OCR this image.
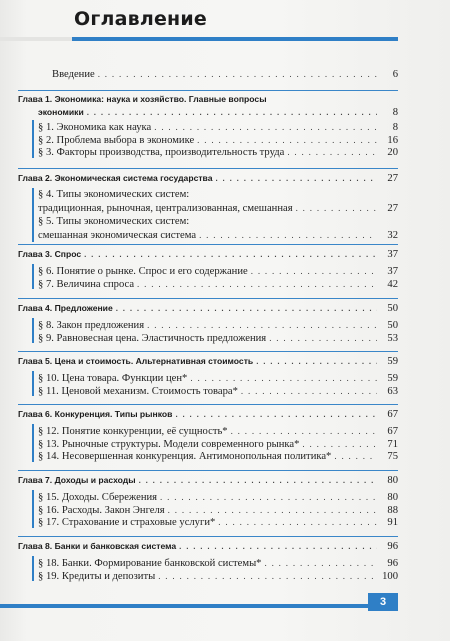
Оглавление
Введение . . .	6
Глава 1. Экономика: наука и хозяйство. Главные вопросы
экономики . . .	8
§ 1. Экономика как наука . . .	8
§ 2. Проблема выбора в экономике . . .	16
§ 3. Факторы производства, производительность труда . . .	20
Глава 2. Экономическая система государства . . .	27
§ 4. Типы экономических систем:
традиционная, рыночная, централизованная, смешанная . . .	27
§ 5. Типы экономических систем:
смешанная экономическая система . . .	32
Глава 3. Спрос . . .	37
§ 6. Понятие о рынке. Спрос и его содержание . . .	37
§ 7. Величина спроса . . .	42
Глава 4. Предложение . . .	50
§ 8. Закон предложения . . .	50
§ 9. Равновесная цена. Эластичность предложения . . .	53
Глава 5. Цена и стоимость. Альтернативная стоимость . . .	59
§ 10. Цена товара. Функции цен* . . .	59
§ 11. Ценовой механизм. Стоимость товара* . . .	63
Глава 6. Конкуренция. Типы рынков . . .	67
§ 12. Понятие конкуренции, её сущность* . . .	67
§ 13. Рыночные структуры. Модели современного рынка* . . .	71
§ 14. Несовершенная конкуренция. Антимонопольная политика* . . .	75
Глава 7. Доходы и расходы . . .	80
§ 15. Доходы. Сбережения . . .	80
§ 16. Расходы. Закон Энгеля . . .	88
§ 17. Страхование и страховые услуги* . . .	91
Глава 8. Банки и банковская система . . .	96
§ 18. Банки. Формирование банковской системы* . . .	96
§ 19. Кредиты и депозиты . . .	100
3
